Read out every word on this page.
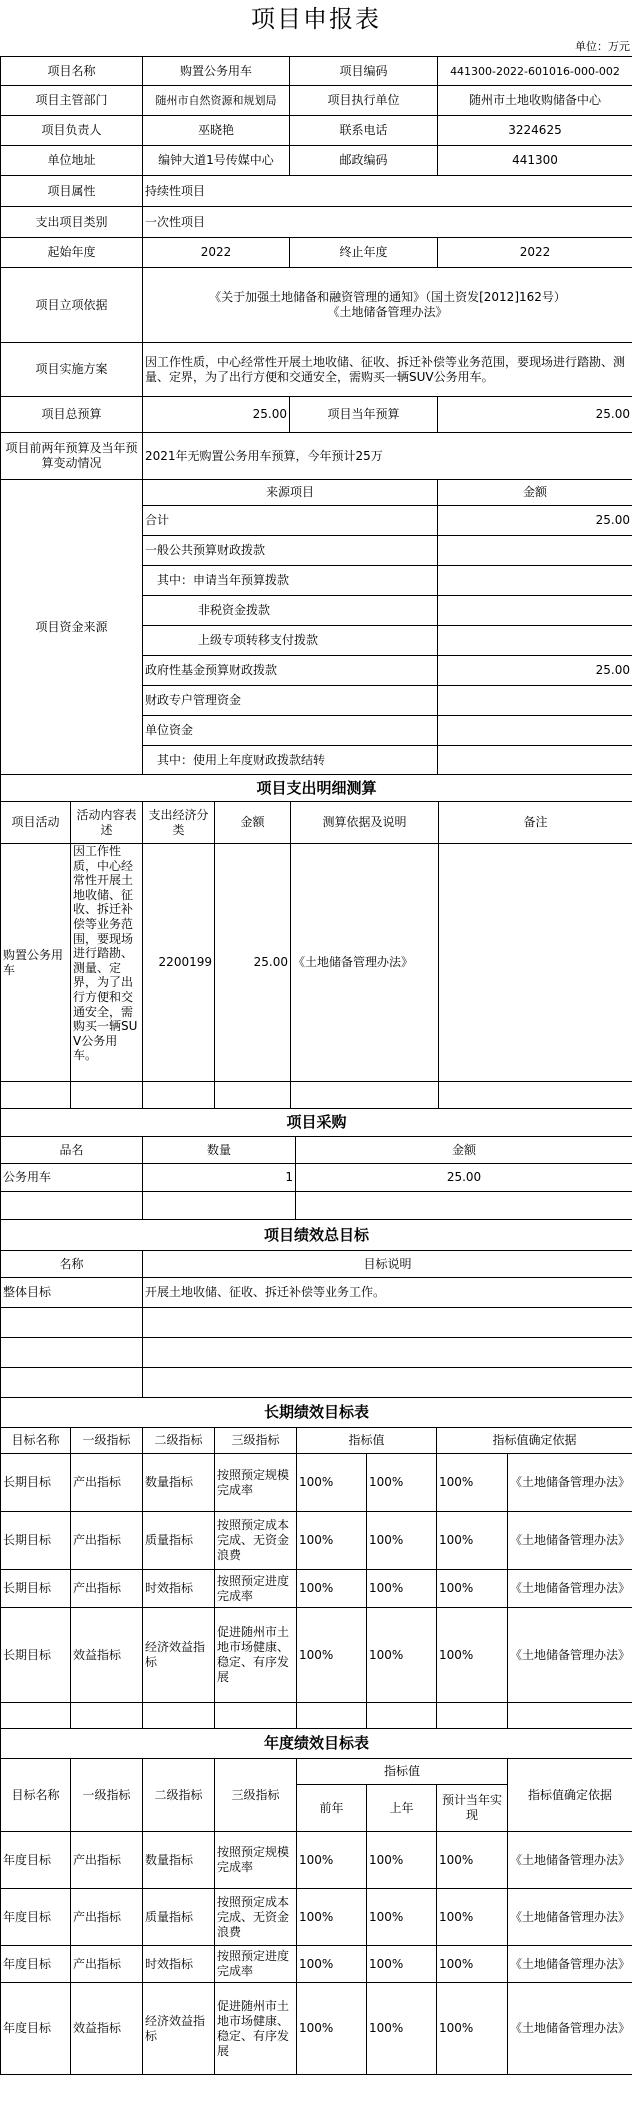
项目申报表
单位：万元
项目名称	购置公务用车	项目编码	441300-2022-601016-000-002
项目主管部门	随州市自然资源和规划局	项目执行单位	随州市土地收购储备中心
项目负责人	巫晓艳	联系电话	3224625
单位地址	编钟大道1号传媒中心	邮政编码	441300
项目属性	持续性项目		
支出项目类别	一次性项目		
起始年度	2022	终止年度	2022
项目立项依据	《关于加强土地储备和融资管理的通知》（国土资发[2012]162号）
《土地储备管理办法》		

项目实施方案	因工作性质，中心经常性开展土地收储、征收、拆迁补偿等业务范围，要现场进行踏勘、测量、定界，为了出行方便和交通安全，需购买一辆SUV公务用车。		
项目总预算	25.00	项目当年预算	25.00
项目前两年预算及当年预算变动情况	2021年无购置公务用车预算，今年预计25万		
项目资金来源	来源项目	金额
	合计	25.00
	一般公共预算财政拨款	
	其中：申请当年预算拨款	
	非税资金拨款	
	上级专项转移支付拨款	
	政府性基金预算财政拨款	25.00
	财政专户管理资金	
	单位资金	
	其中：使用上年度财政拨款结转	
项目支出明细测算					
项目活动	活动内容表述	支出经济分类	金额	测算依据及说明	备注
购置公务用车	因工作性质，中心经常性开展土地收储、征收、拆迁补偿等业务范围，要现场进行踏勘、测量、定界，为了出行方便和交通安全，需购买一辆SUV公务用车。	2200199	25.00	《土地储备管理办法》	

项目采购		
品名	数量	金额
公务用车	1	25.00

项目绩效总目标	
名称	目标说明
整体目标	开展土地收储、征收、拆迁补偿等业务工作。

长期绩效目标表							
目标名称	一级指标	二级指标	三级指标	指标值		指标值确定依据	
长期目标	产出指标	数量指标	按照预定规模完成率	100%	100%	100%	《土地储备管理办法》
长期目标	产出指标	质量指标	按照预定成本完成、无资金浪费	100%	100%	100%	《土地储备管理办法》
长期目标	产出指标	时效指标	按照预定进度完成率	100%	100%	100%	《土地储备管理办法》
长期目标	效益指标	经济效益指标	促进随州市土地市场健康、稳定、有序发展	100%	100%	100%	《土地储备管理办法》

年度绩效目标表							
目标名称	一级指标	二级指标	三级指标	指标值			指标值确定依据
				前年	上年	预计当年实现	
年度目标	产出指标	数量指标	按照预定规模完成率	100%	100%	100%	《土地储备管理办法》
年度目标	产出指标	质量指标	按照预定成本完成、无资金浪费	100%	100%	100%	《土地储备管理办法》
年度目标	产出指标	时效指标	按照预定进度完成率	100%	100%	100%	《土地储备管理办法》
年度目标	效益指标	经济效益指标	促进随州市土地市场健康、稳定、有序发展	100%	100%	100%	《土地储备管理办法》
